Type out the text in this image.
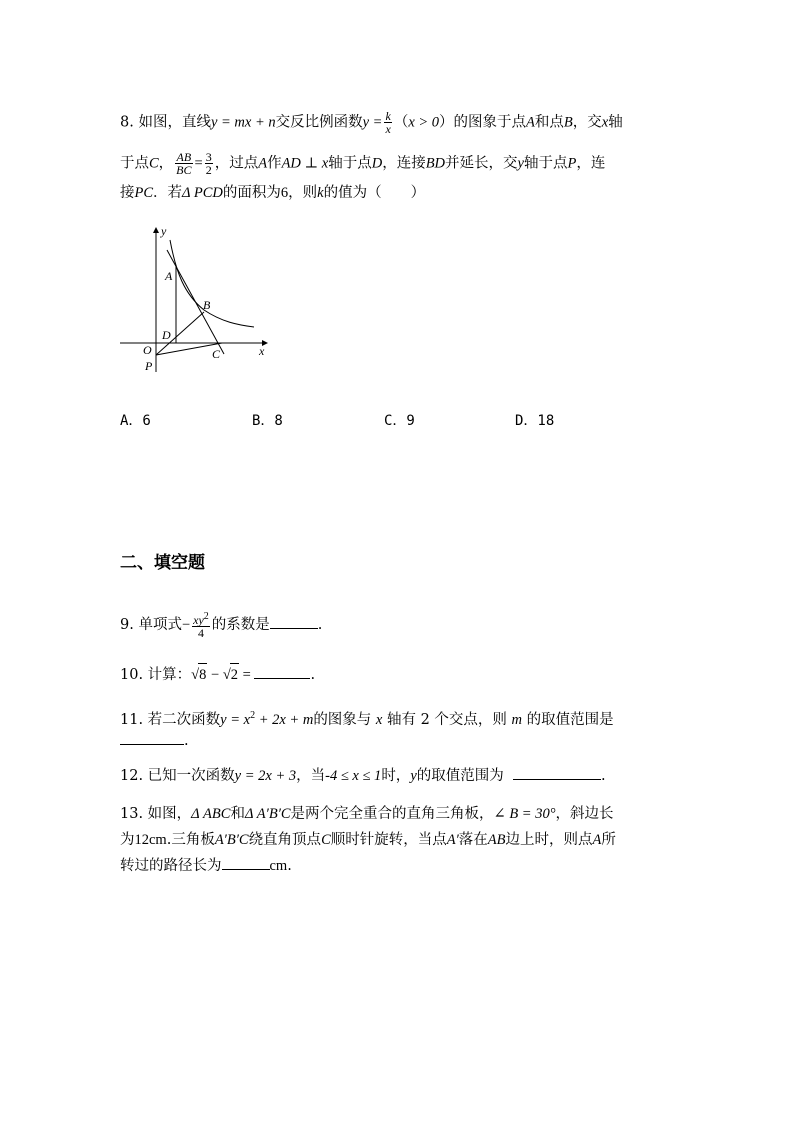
8. 如图，直线y = mx + n交反比例函数$y = \frac{k}{x} (x > 0)$的图象于点A和点B，交x轴
于点C， $\frac{AB}{BC} = \frac{3}{2}$ ，过点A作AD ⊥ x轴于点D，连接BD并延长，交y轴于点P，连
接PC．若Δ PCD的面积为6，则k的值为（　　）
y
x
A
B
D
O
P
C
A．6	B．8	C．9	D．18
二、填空题
9. 单项式− $\frac{xy^2}{4}$ 的系数是	.
10. 计算：√8 − √2 =	.
11. 若二次函数$y = x^2 + 2x + m$的图象与 x 轴有 2 个交点，则 m 的取值范围是
.
12. 已知一次函数y = 2x + 3，当-4 ≤ x ≤ 1时，y的取值范围为	.
13. 如图，Δ ABC和Δ A′B′C是两个完全重合的直角三角板，∠ B = 30°，斜边长
为12cm.三角板A′B′C绕直角顶点C顺时针旋转，当点A′落在AB边上时，则点A所
转过的路径长为	cm.
